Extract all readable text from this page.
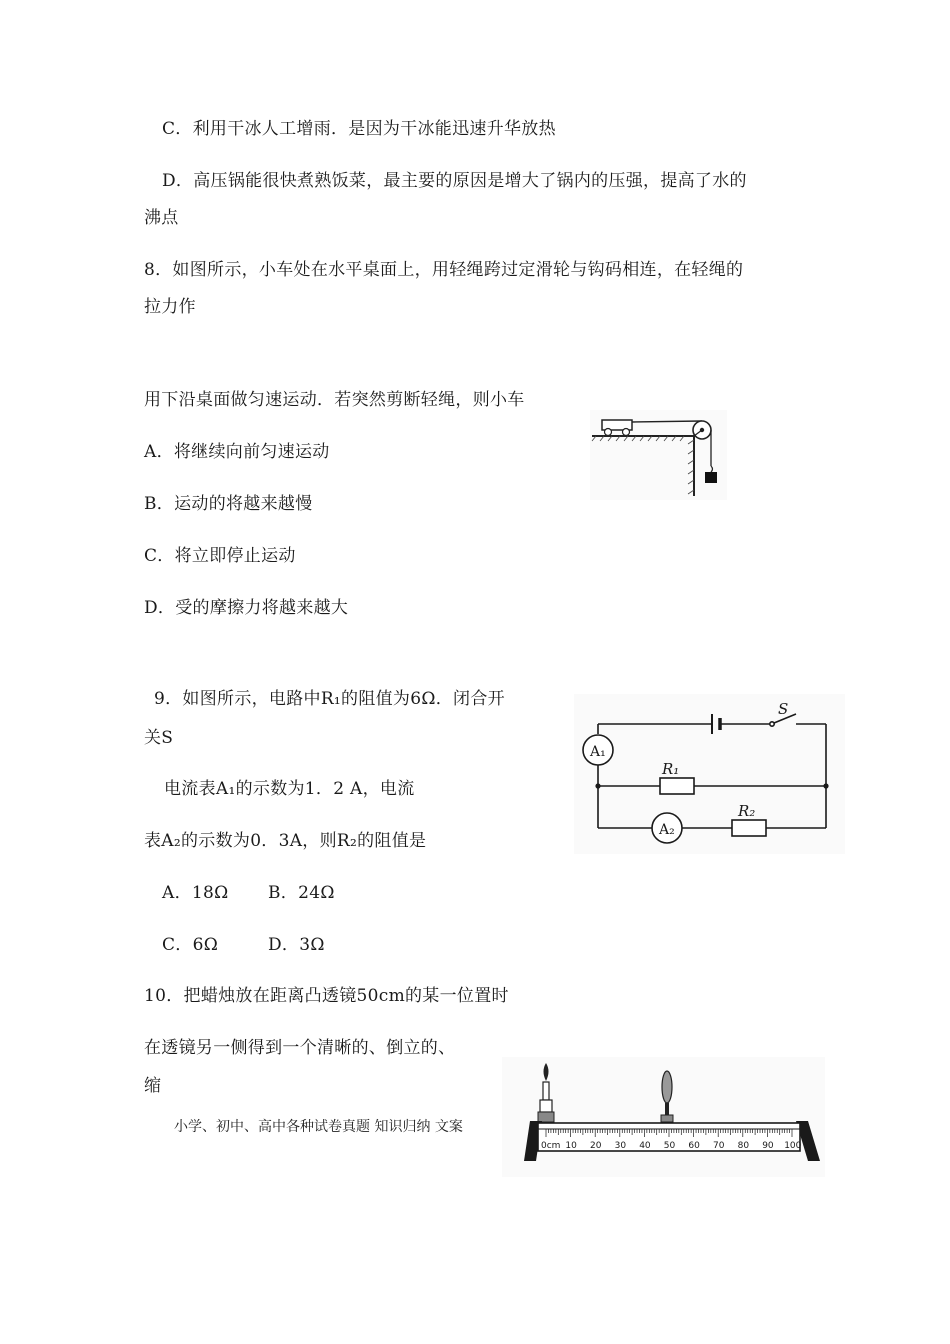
C．利用干冰人工增雨．是因为干冰能迅速升华放热
D．高压锅能很快煮熟饭菜，最主要的原因是增大了锅内的压强，提高了水的
沸点
8．如图所示，小车处在水平桌面上，用轻绳跨过定滑轮与钩码相连，在轻绳的
拉力作
用下沿桌面做匀速运动．若突然剪断轻绳，则小车
A．将继续向前匀速运动
B．运动的将越来越慢
C．将立即停止运动
D．受的摩擦力将越来越大
9．如图所示，电路中R₁的阻值为6Ω．闭合开
关S
电流表A₁的示数为1．2 A，电流
表A₂的示数为0．3A，则R₂的阻值是
A．18Ω B．24Ω
C．6Ω	D．3Ω
A₁
A₂
R₁
R₂
S
10．把蜡烛放在距离凸透镜50cm的某一位置时
在透镜另一侧得到一个清晰的、倒立的、
缩
小学、初中、高中各种试卷真题 知识归纳 文案
0cm 10 20 30 40 50 60 70 80 90 100
